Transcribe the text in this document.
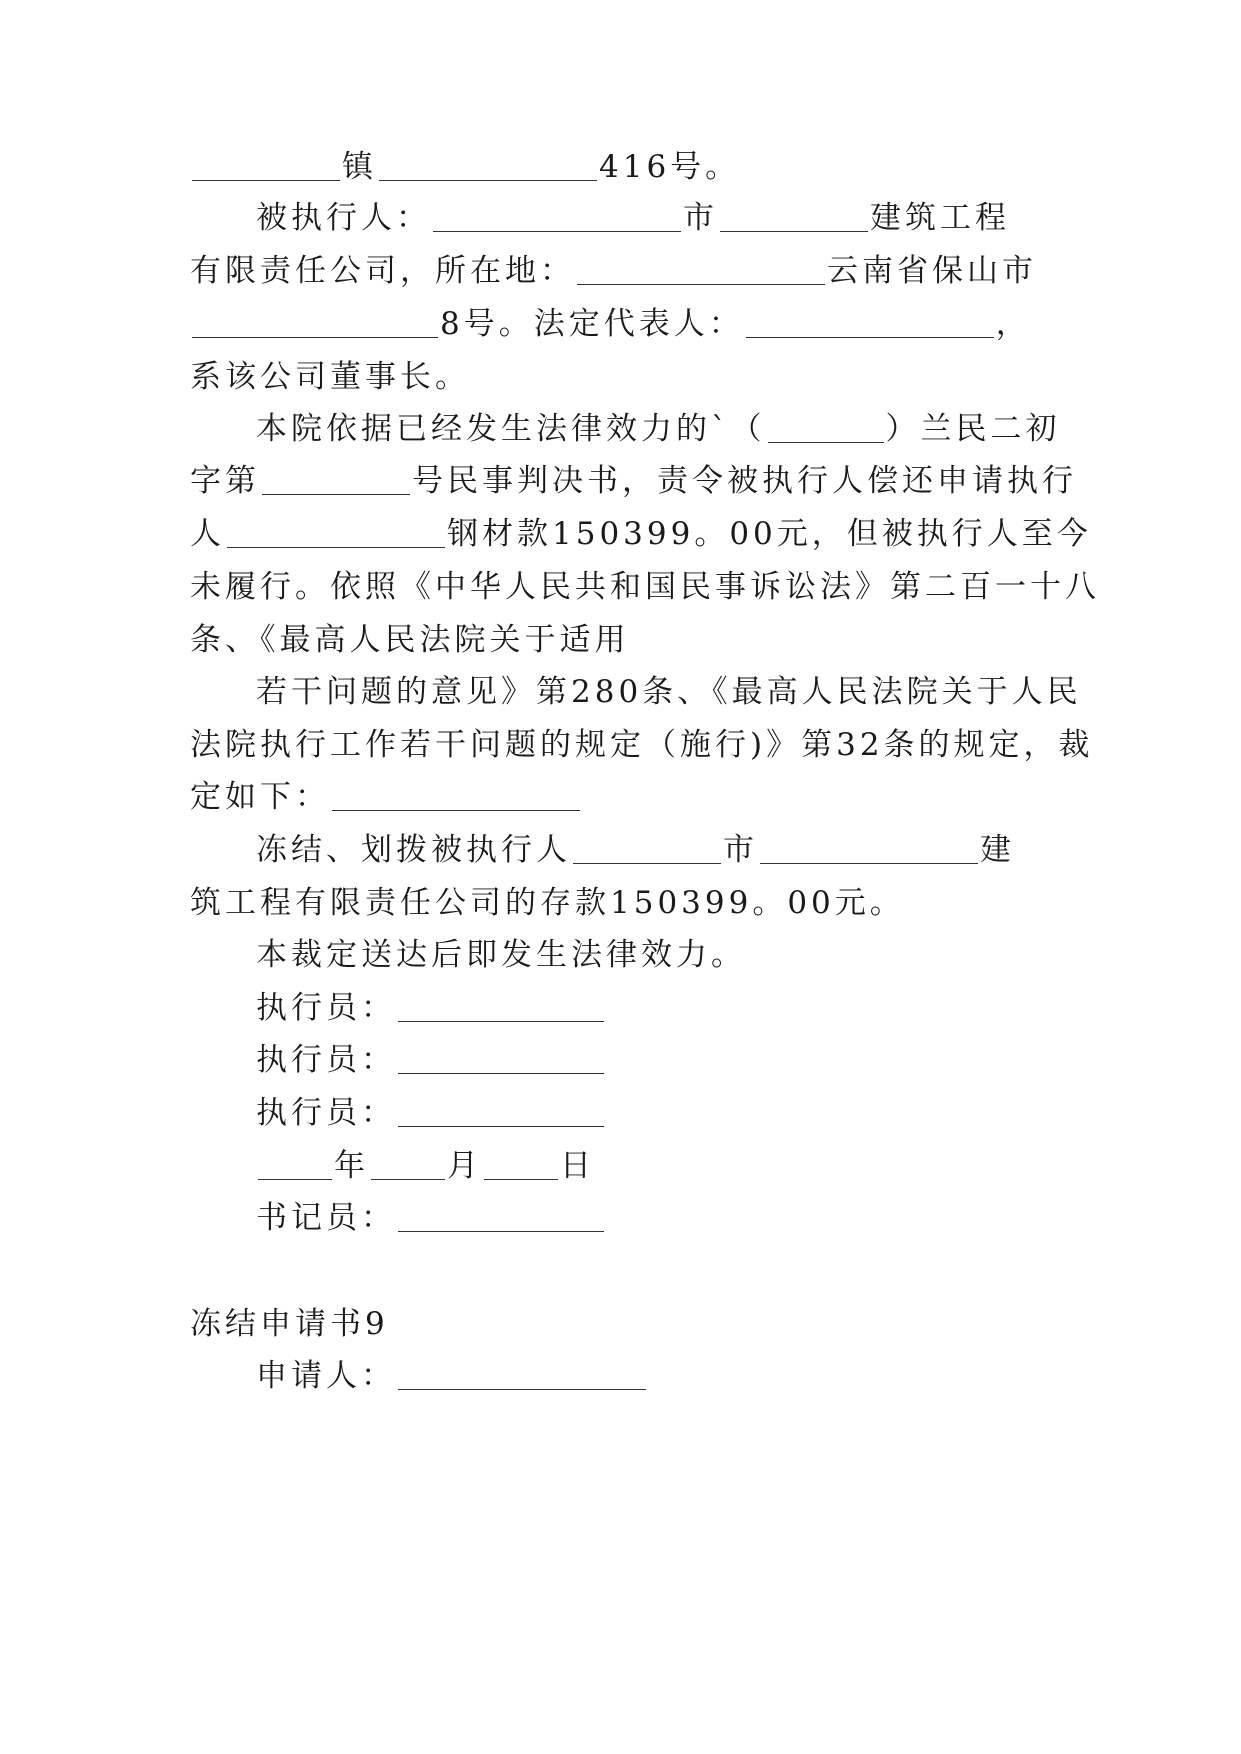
镇	416号。
被执行人：	市	建筑工程
有限责任公司，所在地：	云南省保山市
8号。法定代表人：	，
系该公司董事长。
本院依据已经发生法律效力的`（	）兰民二初
字第	号民事判决书，责令被执行人偿还申请执行
人	钢材款150399。00元，但被执行人至今
未履行。依照《中华人民共和国民事诉讼法》第二百一十八
条、《最高人民法院关于适用
若干问题的意见》第280条、《最高人民法院关于人民
法院执行工作若干问题的规定（施行)》第32条的规定，裁
定如下：
冻结、划拨被执行人	市	建
筑工程有限责任公司的存款150399。00元。
本裁定送达后即发生法律效力。
执行员：
执行员：
执行员：
年	月	日
书记员：
冻结申请书9
申请人：
